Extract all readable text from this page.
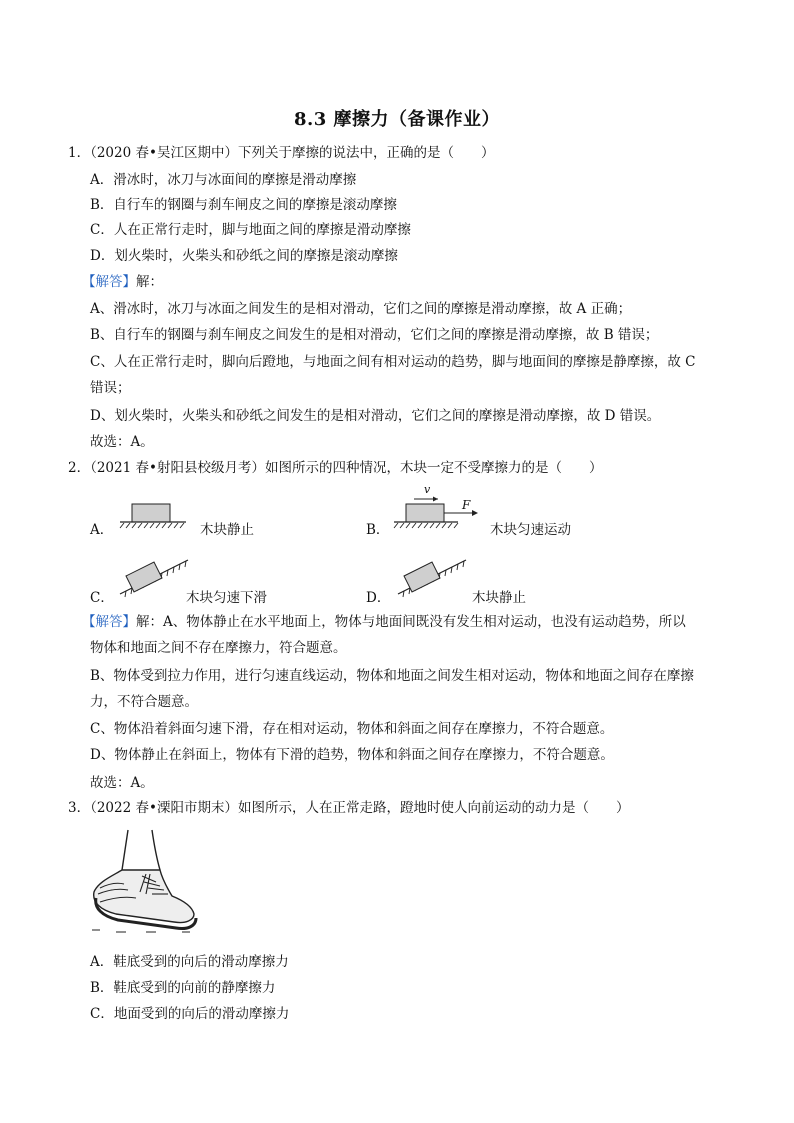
8.3 摩擦力（备课作业）
1．（2020 春•吴江区期中）下列关于摩擦的说法中，正确的是（　　）
A．滑冰时，冰刀与冰面间的摩擦是滑动摩擦
B．自行车的钢圈与刹车闸皮之间的摩擦是滚动摩擦
C．人在正常行走时，脚与地面之间的摩擦是滑动摩擦
D．划火柴时，火柴头和砂纸之间的摩擦是滚动摩擦
【解答】解：
A、滑冰时，冰刀与冰面之间发生的是相对滑动，它们之间的摩擦是滑动摩擦，故 A 正确；
B、自行车的钢圈与刹车闸皮之间发生的是相对滑动，它们之间的摩擦是滑动摩擦，故 B 错误；
C、人在正常行走时，脚向后蹬地，与地面之间有相对运动的趋势，脚与地面间的摩擦是静摩擦，故 C
错误；
D、划火柴时，火柴头和砂纸之间发生的是相对滑动，它们之间的摩擦是滑动摩擦，故 D 错误。
故选：A。
2．（2021 春•射阳县校级月考）如图所示的四种情况，木块一定不受摩擦力的是（　　）
A．	木块静止	B．
v
F
木块匀速运动
C．	木块匀速下滑	D．	木块静止
【解答】解：A、物体静止在水平地面上，物体与地面间既没有发生相对运动，也没有运动趋势，所以
物体和地面之间不存在摩擦力，符合题意。
B、物体受到拉力作用，进行匀速直线运动，物体和地面之间发生相对运动，物体和地面之间存在摩擦
力，不符合题意。
C、物体沿着斜面匀速下滑，存在相对运动，物体和斜面之间存在摩擦力，不符合题意。
D、物体静止在斜面上，物体有下滑的趋势，物体和斜面之间存在摩擦力，不符合题意。
故选：A。
3．（2022 春•溧阳市期末）如图所示，人在正常走路，蹬地时使人向前运动的动力是（　　）
A．鞋底受到的向后的滑动摩擦力
B．鞋底受到的向前的静摩擦力
C．地面受到的向后的滑动摩擦力
